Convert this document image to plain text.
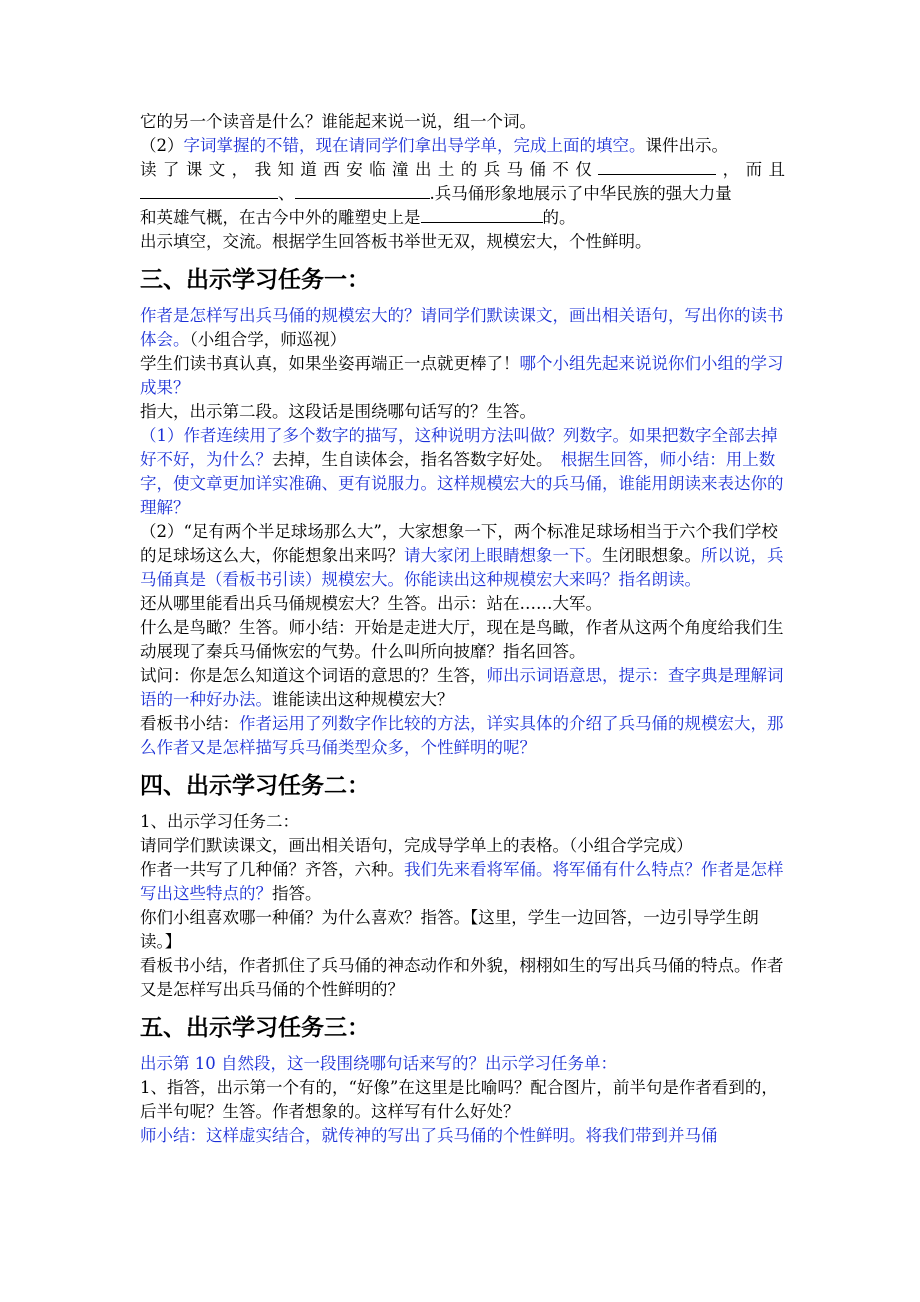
它的另一个读音是什么？谁能起来说一说，组一个词。

（2）字词掌握的不错，现在请同学们拿出导学单，完成上面的填空。课件出示。

读了课文，我知道西安临潼出土的兵马俑不仅	，而且

、	.兵马俑形象地展示了中华民族的强大力量

和英雄气概，在古今中外的雕塑史上是	的。

出示填空，交流。根据学生回答板书举世无双，规模宏大，个性鲜明。

三、出示学习任务一：

作者是怎样写出兵马俑的规模宏大的？请同学们默读课文，画出相关语句，写出你的读书体会。（小组合学，师巡视）

学生们读书真认真，如果坐姿再端正一点就更棒了！哪个小组先起来说说你们小组的学习成果？

指大，出示第二段。这段话是围绕哪句话写的？生答。

（1）作者连续用了多个数字的描写，这种说明方法叫做？列数字。如果把数字全部去掉好不好，为什么？去掉，生自读体会，指名答数字好处。　 根据生回答，师小结：用上数字，使文章更加详实准确、更有说服力。这样规模宏大的兵马俑，谁能用朗读来表达你的理解？

（2）“足有两个半足球场那么大”，大家想象一下，两个标准足球场相当于六个我们学校的足球场这么大，你能想象出来吗？请大家闭上眼睛想象一下。生闭眼想象。所以说，兵马俑真是（看板书引读）规模宏大。你能读出这种规模宏大来吗？指名朗读。

还从哪里能看出兵马俑规模宏大？生答。出示：站在……大军。

什么是鸟瞰？生答。师小结：开始是走进大厅，现在是鸟瞰，作者从这两个角度给我们生动展现了秦兵马俑恢宏的气势。什么叫所向披靡？指名回答。

试问：你是怎么知道这个词语的意思的？生答，师出示词语意思，提示：查字典是理解词语的一种好办法。谁能读出这种规模宏大？

看板书小结：作者运用了列数字作比较的方法，详实具体的介绍了兵马俑的规模宏大，那么作者又是怎样描写兵马俑类型众多，个性鲜明的呢？

四、出示学习任务二：

1、出示学习任务二：

请同学们默读课文，画出相关语句，完成导学单上的表格。（小组合学完成）

作者一共写了几种俑？齐答，六种。我们先来看将军俑。将军俑有什么特点？作者是怎样写出这些特点的？指答。

你们小组喜欢哪一种俑？为什么喜欢？指答。【这里，学生一边回答，一边引导学生朗读。】

看板书小结，作者抓住了兵马俑的神态动作和外貌，栩栩如生的写出兵马俑的特点。作者又是怎样写出兵马俑的个性鲜明的？

五、出示学习任务三：

出示第 10 自然段，这一段围绕哪句话来写的？出示学习任务单：

1、指答，出示第一个有的，“好像”在这里是比喻吗？配合图片，前半句是作者看到的，后半句呢？生答。作者想象的。这样写有什么好处？

师小结：这样虚实结合，就传神的写出了兵马俑的个性鲜明。将我们带到并马俑
